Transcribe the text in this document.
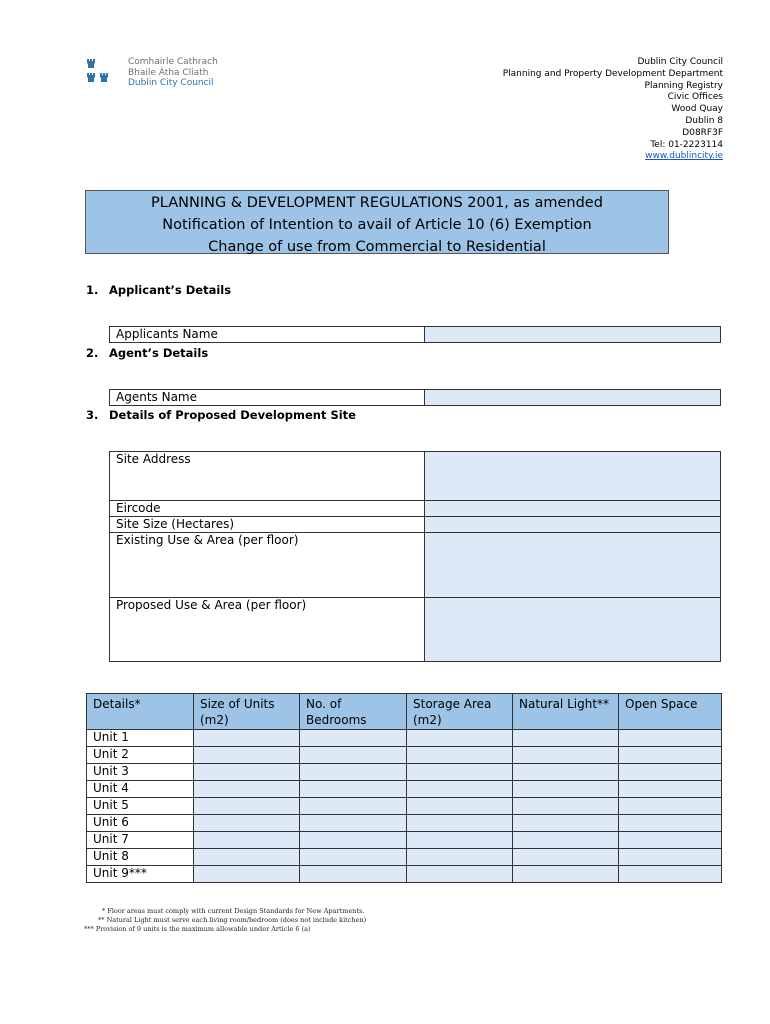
Comhairle Cathrach
Bhaile Átha Cliath
Dublin City Council
Dublin City Council
Planning and Property Development Department
Planning Registry
Civic Offices
Wood Quay
Dublin 8
D08RF3F
Tel: 01-2223114
www.dublincity.ie
PLANNING & DEVELOPMENT REGULATIONS 2001, as amended
Notification of Intention to avail of Article 10 (6) Exemption
Change of use from Commercial to Residential
1. Applicant’s Details
Applicants Name	
2. Agent’s Details
Agents Name	
3. Details of Proposed Development Site
Site Address	
Eircode	
Site Size (Hectares)	
Existing Use & Area (per floor)	
Proposed Use & Area (per floor)	
Details*	Size of Units (m2)	No. of Bedrooms	Storage Area (m2)	Natural Light**	Open Space
Unit 1					
Unit 2					
Unit 3					
Unit 4					
Unit 5					
Unit 6					
Unit 7					
Unit 8					
Unit 9***					
* Floor areas must comply with current Design Standards for New Apartments.
** Natural Light must serve each living room/bedroom (does not include kitchen)
*** Provision of 9 units is the maximum allowable under Article 6 (a)
